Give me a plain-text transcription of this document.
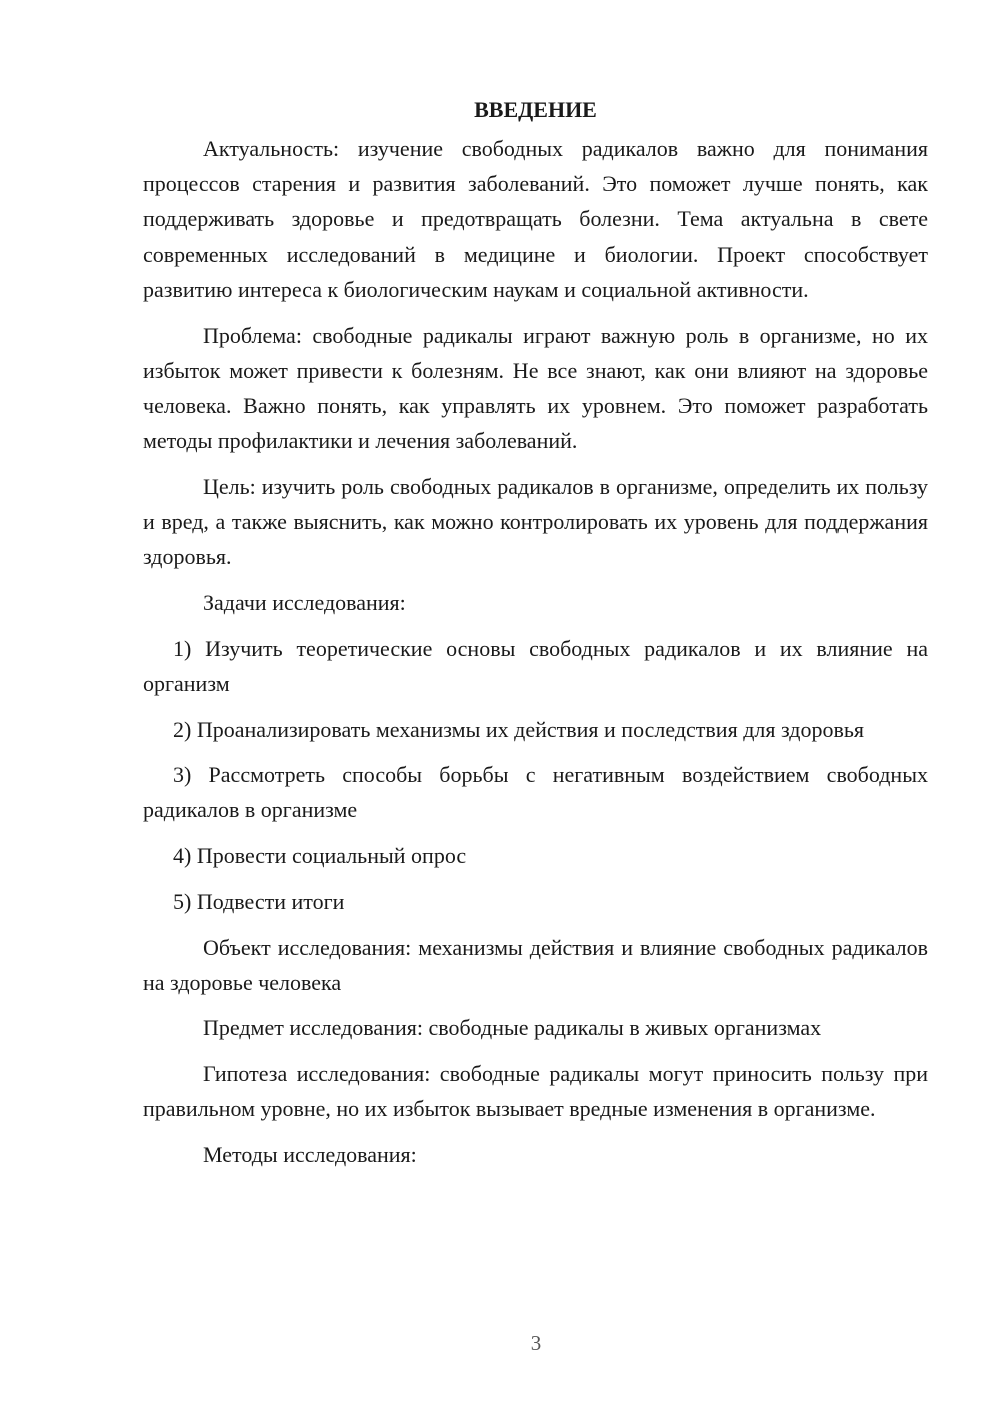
ВВЕДЕНИЕ

Актуальность: изучение свободных радикалов важно для понимания процессов старения и развития заболеваний. Это поможет лучше понять, как поддерживать здоровье и предотвращать болезни. Тема актуальна в свете современных исследований в медицине и биологии. Проект способствует развитию интереса к биологическим наукам и социальной активности.

Проблема: свободные радикалы играют важную роль в организме, но их избыток может привести к болезням. Не все знают, как они влияют на здоровье человека. Важно понять, как управлять их уровнем. Это поможет разработать методы профилактики и лечения заболеваний.

Цель: изучить роль свободных радикалов в организме, определить их пользу и вред, а также выяснить, как можно контролировать их уровень для поддержания здоровья.

Задачи исследования:

1) Изучить теоретические основы свободных радикалов и их влияние на организм

2) Проанализировать механизмы их действия и последствия для здоровья

3) Рассмотреть способы борьбы с негативным воздействием свободных радикалов в организме

4) Провести социальный опрос

5) Подвести итоги

Объект исследования: механизмы действия и влияние свободных радикалов на здоровье человека

Предмет исследования: свободные радикалы в живых организмах

Гипотеза исследования: свободные радикалы могут приносить пользу при правильном уровне, но их избыток вызывает вредные изменения в организме.

Методы исследования:

3
